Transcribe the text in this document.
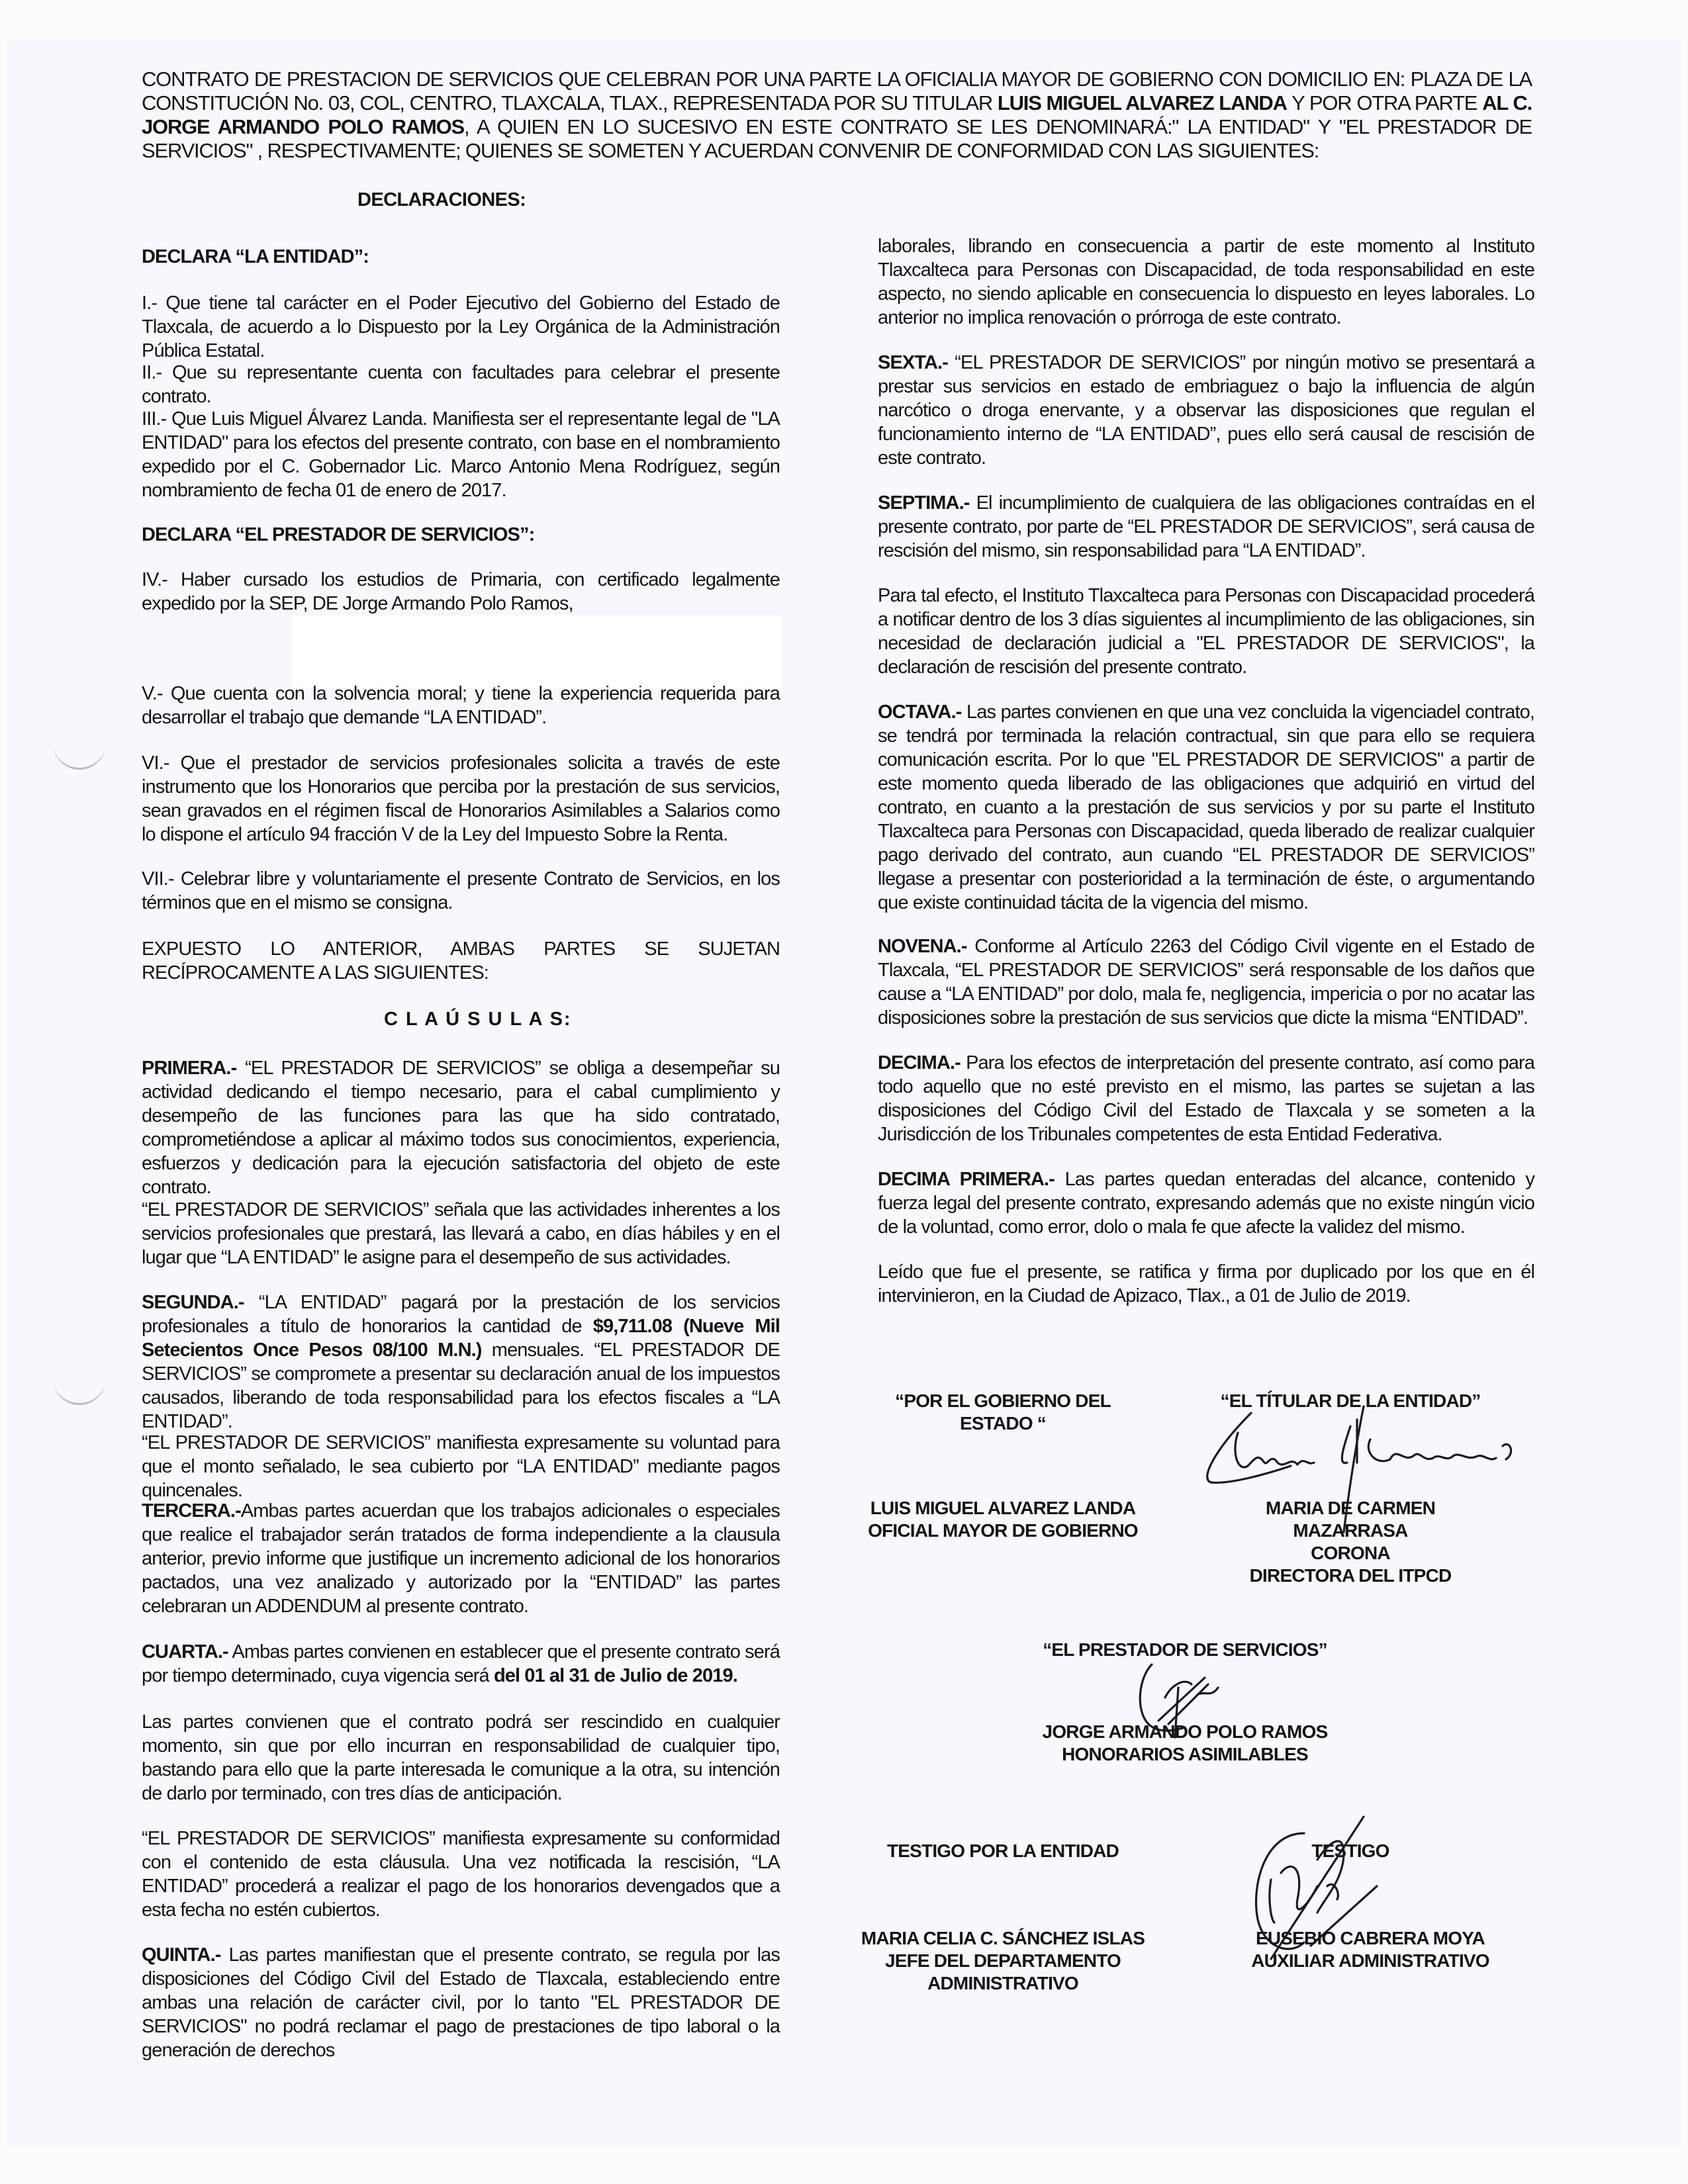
CONTRATO DE PRESTACION DE SERVICIOS QUE CELEBRAN POR UNA PARTE LA OFICIALIA MAYOR DE GOBIERNO CON DOMICILIO EN: PLAZA DE LA CONSTITUCIÓN No. 03, COL, CENTRO, TLAXCALA, TLAX., REPRESENTADA POR SU TITULAR LUIS MIGUEL ALVAREZ LANDA Y POR OTRA PARTE AL C. JORGE ARMANDO POLO RAMOS, A QUIEN EN LO SUCESIVO EN ESTE CONTRATO SE LES DENOMINARÁ:" LA ENTIDAD" Y "EL PRESTADOR DE SERVICIOS" , RESPECTIVAMENTE; QUIENES SE SOMETEN Y ACUERDAN CONVENIR DE CONFORMIDAD CON LAS SIGUIENTES:

DECLARACIONES:

DECLARA “LA ENTIDAD”:

I.- Que tiene tal carácter en el Poder Ejecutivo del Gobierno del Estado de Tlaxcala, de acuerdo a lo Dispuesto por la Ley Orgánica de la Administración Pública Estatal.

II.- Que su representante cuenta con facultades para celebrar el presente contrato.

III.- Que Luis Miguel Álvarez Landa. Manifiesta ser el representante legal de "LA ENTIDAD" para los efectos del presente contrato, con base en el nombramiento expedido por el C. Gobernador Lic. Marco Antonio Mena Rodríguez, según nombramiento de fecha 01 de enero de 2017.

DECLARA “EL PRESTADOR DE SERVICIOS”:

IV.- Haber cursado los estudios de Primaria, con certificado legalmente expedido por la SEP, DE Jorge Armando Polo Ramos,

V.- Que cuenta con la solvencia moral; y tiene la experiencia requerida para desarrollar el trabajo que demande “LA ENTIDAD”.

VI.- Que el prestador de servicios profesionales solicita a través de este instrumento que los Honorarios que perciba por la prestación de sus servicios, sean gravados en el régimen fiscal de Honorarios Asimilables a Salarios como lo dispone el artículo 94 fracción V de la Ley del Impuesto Sobre la Renta.

VII.- Celebrar libre y voluntariamente el presente Contrato de Servicios, en los términos que en el mismo se consigna.

EXPUESTO LO ANTERIOR, AMBAS PARTES SE SUJETAN RECÍPROCAMENTE A LAS SIGUIENTES:

C L A Ú S U L A S:

PRIMERA.- “EL PRESTADOR DE SERVICIOS” se obliga a desempeñar su actividad dedicando el tiempo necesario, para el cabal cumplimiento y desempeño de las funciones para las que ha sido contratado, comprometiéndose a aplicar al máximo todos sus conocimientos, experiencia, esfuerzos y dedicación para la ejecución satisfactoria del objeto de este contrato.

“EL PRESTADOR DE SERVICIOS” señala que las actividades inherentes a los servicios profesionales que prestará, las llevará a cabo, en días hábiles y en el lugar que “LA ENTIDAD” le asigne para el desempeño de sus actividades.

SEGUNDA.- “LA ENTIDAD” pagará por la prestación de los servicios profesionales a título de honorarios la cantidad de $9,711.08 (Nueve Mil Setecientos Once Pesos 08/100 M.N.) mensuales. “EL PRESTADOR DE SERVICIOS” se compromete a presentar su declaración anual de los impuestos causados, liberando de toda responsabilidad para los efectos fiscales a “LA ENTIDAD”.

“EL PRESTADOR DE SERVICIOS” manifiesta expresamente su voluntad para que el monto señalado, le sea cubierto por “LA ENTIDAD” mediante pagos quincenales.

TERCERA.-Ambas partes acuerdan que los trabajos adicionales o especiales que realice el trabajador serán tratados de forma independiente a la clausula anterior, previo informe que justifique un incremento adicional de los honorarios pactados, una vez analizado y autorizado por la “ENTIDAD” las partes celebraran un ADDENDUM al presente contrato.

CUARTA.- Ambas partes convienen en establecer que el presente contrato será por tiempo determinado, cuya vigencia será del 01 al 31 de Julio de 2019.

Las partes convienen que el contrato podrá ser rescindido en cualquier momento, sin que por ello incurran en responsabilidad de cualquier tipo, bastando para ello que la parte interesada le comunique a la otra, su intención de darlo por terminado, con tres días de anticipación.

“EL PRESTADOR DE SERVICIOS” manifiesta expresamente su conformidad con el contenido de esta cláusula. Una vez notificada la rescisión, “LA ENTIDAD” procederá a realizar el pago de los honorarios devengados que a esta fecha no estén cubiertos.

QUINTA.- Las partes manifiestan que el presente contrato, se regula por las disposiciones del Código Civil del Estado de Tlaxcala, estableciendo entre ambas una relación de carácter civil, por lo tanto "EL PRESTADOR DE SERVICIOS" no podrá reclamar el pago de prestaciones de tipo laboral o la generación de derechos

laborales, librando en consecuencia a partir de este momento al Instituto Tlaxcalteca para Personas con Discapacidad, de toda responsabilidad en este aspecto, no siendo aplicable en consecuencia lo dispuesto en leyes laborales. Lo anterior no implica renovación o prórroga de este contrato.

SEXTA.- “EL PRESTADOR DE SERVICIOS” por ningún motivo se presentará a prestar sus servicios en estado de embriaguez o bajo la influencia de algún narcótico o droga enervante, y a observar las disposiciones que regulan el funcionamiento interno de “LA ENTIDAD”, pues ello será causal de rescisión de este contrato.

SEPTIMA.- El incumplimiento de cualquiera de las obligaciones contraídas en el presente contrato, por parte de “EL PRESTADOR DE SERVICIOS”, será causa de rescisión del mismo, sin responsabilidad para “LA ENTIDAD”.

Para tal efecto, el Instituto Tlaxcalteca para Personas con Discapacidad procederá a notificar dentro de los 3 días siguientes al incumplimiento de las obligaciones, sin necesidad de declaración judicial a "EL PRESTADOR DE SERVICIOS", la declaración de rescisión del presente contrato.

OCTAVA.- Las partes convienen en que una vez concluida la vigenciadel contrato, se tendrá por terminada la relación contractual, sin que para ello se requiera comunicación escrita. Por lo que "EL PRESTADOR DE SERVICIOS" a partir de este momento queda liberado de las obligaciones que adquirió en virtud del contrato, en cuanto a la prestación de sus servicios y por su parte el Instituto Tlaxcalteca para Personas con Discapacidad, queda liberado de realizar cualquier pago derivado del contrato, aun cuando “EL PRESTADOR DE SERVICIOS” llegase a presentar con posterioridad a la terminación de éste, o argumentando que existe continuidad tácita de la vigencia del mismo.

NOVENA.- Conforme al Artículo 2263 del Código Civil vigente en el Estado de Tlaxcala, “EL PRESTADOR DE SERVICIOS” será responsable de los daños que cause a “LA ENTIDAD” por dolo, mala fe, negligencia, impericia o por no acatar las disposiciones sobre la prestación de sus servicios que dicte la misma “ENTIDAD”.

DECIMA.- Para los efectos de interpretación del presente contrato, así como para todo aquello que no esté previsto en el mismo, las partes se sujetan a las disposiciones del Código Civil del Estado de Tlaxcala y se someten a la Jurisdicción de los Tribunales competentes de esta Entidad Federativa.

DECIMA PRIMERA.- Las partes quedan enteradas del alcance, contenido y fuerza legal del presente contrato, expresando además que no existe ningún vicio de la voluntad, como error, dolo o mala fe que afecte la validez del mismo.

Leído que fue el presente, se ratifica y firma por duplicado por los que en él intervinieron, en la Ciudad de Apizaco, Tlax., a 01 de Julio de 2019.

“POR EL GOBIERNO DEL ESTADO “
“EL TÍTULAR DE LA ENTIDAD”
LUIS MIGUEL ALVAREZ LANDA
OFICIAL MAYOR DE GOBIERNO
MARIA DE CARMEN MAZARRASA
CORONA
DIRECTORA DEL ITPCD
“EL PRESTADOR DE SERVICIOS”
JORGE ARMANDO POLO RAMOS
HONORARIOS ASIMILABLES
TESTIGO POR LA ENTIDAD	TESTIGO
MARIA CELIA C. SÁNCHEZ ISLAS
JEFE DEL DEPARTAMENTO
ADMINISTRATIVO
EUSEBIO CABRERA MOYA
AUXILIAR ADMINISTRATIVO
